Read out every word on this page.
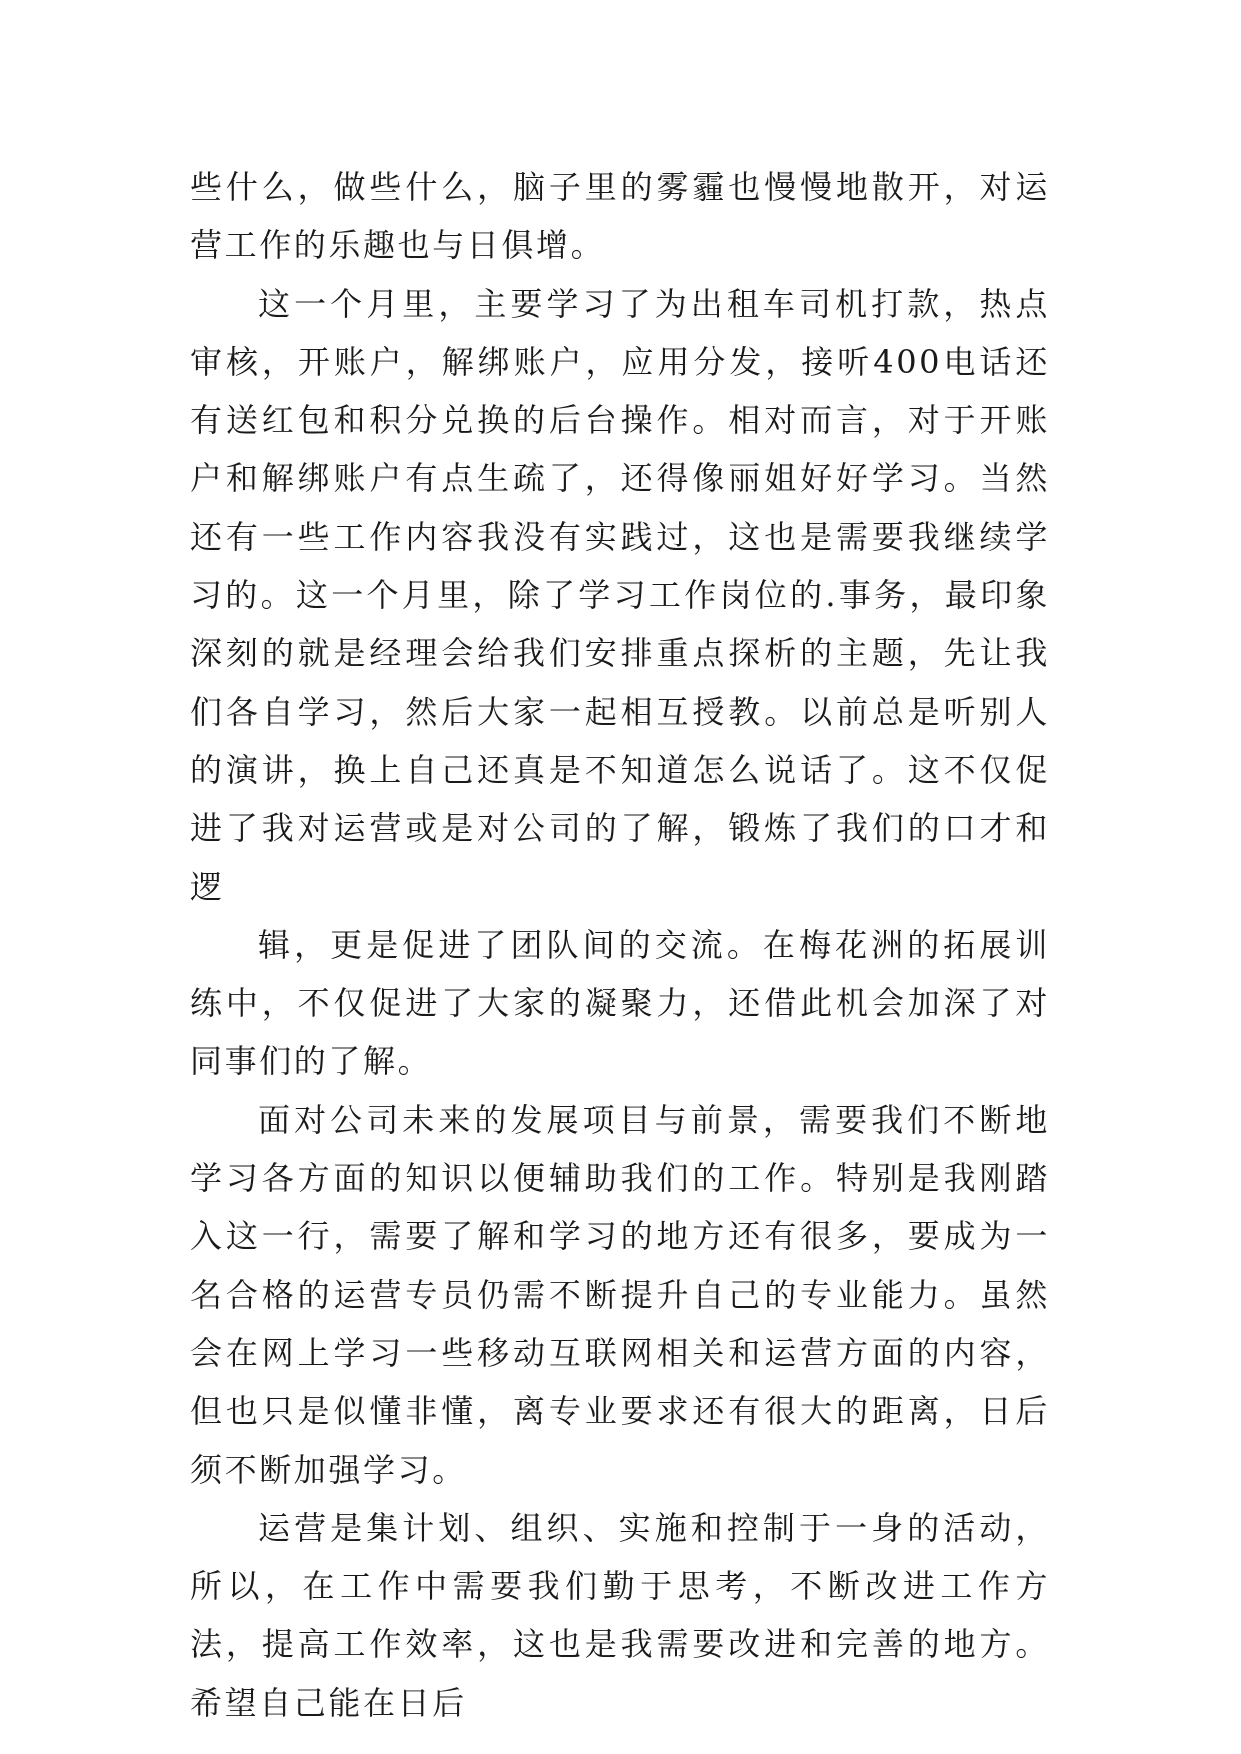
些什么，做些什么，脑子里的雾霾也慢慢地散开，对运营工作的乐趣也与日俱增。

这一个月里，主要学习了为出租车司机打款，热点审核，开账户，解绑账户，应用分发，接听400电话还有送红包和积分兑换的后台操作。相对而言，对于开账户和解绑账户有点生疏了，还得像丽姐好好学习。当然还有一些工作内容我没有实践过，这也是需要我继续学习的。这一个月里，除了学习工作岗位的.事务，最印象深刻的就是经理会给我们安排重点探析的主题，先让我们各自学习，然后大家一起相互授教。以前总是听别人的演讲，换上自己还真是不知道怎么说话了。这不仅促进了我对运营或是对公司的了解，锻炼了我们的口才和逻

辑，更是促进了团队间的交流。在梅花洲的拓展训练中，不仅促进了大家的凝聚力，还借此机会加深了对同事们的了解。

面对公司未来的发展项目与前景，需要我们不断地学习各方面的知识以便辅助我们的工作。特别是我刚踏入这一行，需要了解和学习的地方还有很多，要成为一名合格的运营专员仍需不断提升自己的专业能力。虽然会在网上学习一些移动互联网相关和运营方面的内容，但也只是似懂非懂，离专业要求还有很大的距离，日后须不断加强学习。

运营是集计划、组织、实施和控制于一身的活动，所以，在工作中需要我们勤于思考，不断改进工作方法，提高工作效率，这也是我需要改进和完善的地方。希望自己能在日后
